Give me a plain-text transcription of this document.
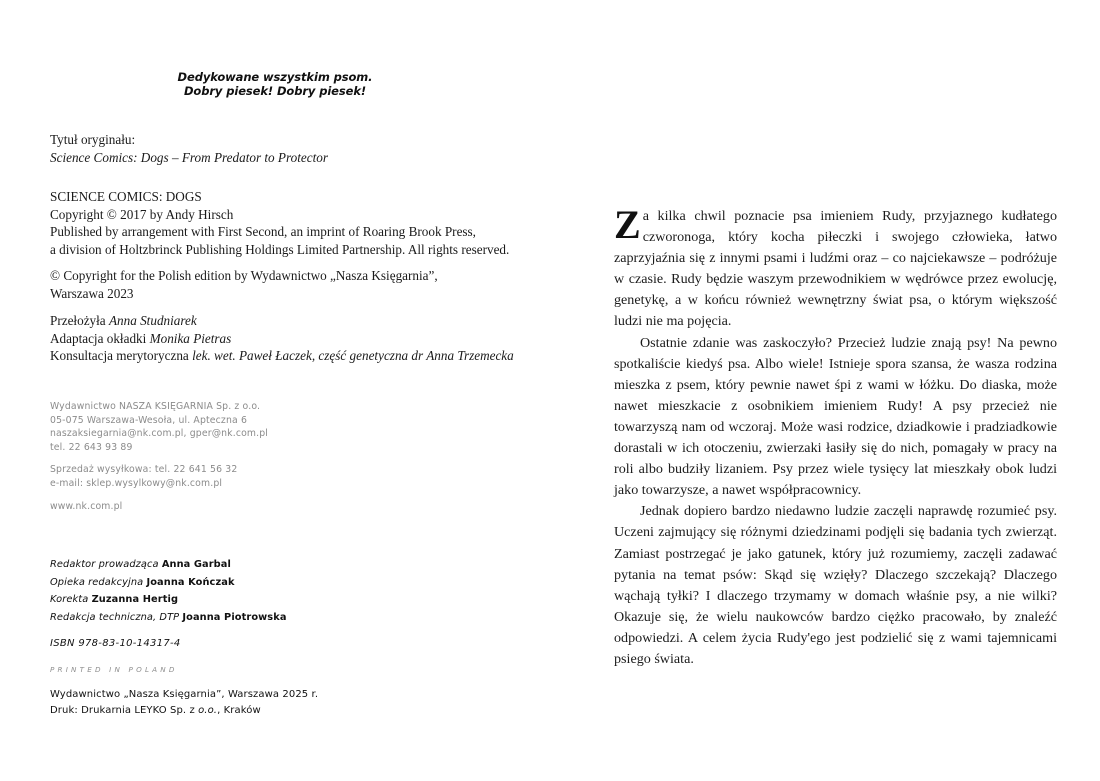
Dedykowane wszystkim psom.
Dobry piesek! Dobry piesek!
Tytuł oryginału:
Science Comics: Dogs – From Predator to Protector
SCIENCE COMICS: DOGS
Copyright © 2017 by Andy Hirsch
Published by arrangement with First Second, an imprint of Roaring Brook Press,
a division of Holtzbrinck Publishing Holdings Limited Partnership. All rights reserved.
© Copyright for the Polish edition by Wydawnictwo „Nasza Księgarnia”,
Warszawa 2023
Przełożyła Anna Studniarek
Adaptacja okładki Monika Pietras
Konsultacja merytoryczna lek. wet. Paweł Łaczek, część genetyczna dr Anna Trzemecka
Wydawnictwo NASZA KSIĘGARNIA Sp. z o.o.
05-075 Warszawa-Wesoła, ul. Apteczna 6
naszaksiegarnia@nk.com.pl, gper@nk.com.pl
tel. 22 643 93 89
Sprzedaż wysyłkowa: tel. 22 641 56 32
e-mail: sklep.wysylkowy@nk.com.pl
www.nk.com.pl
Redaktor prowadząca Anna Garbal
Opieka redakcyjna Joanna Kończak
Korekta Zuzanna Hertig
Redakcja techniczna, DTP Joanna Piotrowska
ISBN 978-83-10-14317-4
PRINTED IN POLAND
Wydawnictwo „Nasza Księgarnia”, Warszawa 2025 r.
Druk: Drukarnia LEYKO Sp. z o.o., Kraków

Za kilka chwil poznacie psa imieniem Rudy, przyjaznego kudłatego czworonoga, który kocha piłeczki i swojego człowieka, łatwo zaprzyjaźnia się z innymi psami i ludźmi oraz – co najciekawsze – podróżuje w czasie. Rudy będzie waszym przewodnikiem w wędrówce przez ewolucję, genetykę, a w końcu również wewnętrzny świat psa, o którym większość ludzi nie ma pojęcia.

Ostatnie zdanie was zaskoczyło? Przecież ludzie znają psy! Na pewno spotkaliście kiedyś psa. Albo wiele! Istnieje spora szansa, że wasza rodzina mieszka z psem, który pewnie nawet śpi z wami w łóżku. Do diaska, może nawet mieszkacie z osobnikiem imieniem Rudy! A psy przecież nie towarzyszą nam od wczoraj. Może wasi rodzice, dziadkowie i pradziadkowie dorastali w ich otoczeniu, zwierzaki łasiły się do nich, pomagały w pracy na roli albo budziły lizaniem. Psy przez wiele tysięcy lat mieszkały obok ludzi jako towarzysze, a nawet współpracownicy.

Jednak dopiero bardzo niedawno ludzie zaczęli naprawdę rozumieć psy. Uczeni zajmujący się różnymi dziedzinami podjęli się badania tych zwierząt. Zamiast postrzegać je jako gatunek, który już rozumiemy, zaczęli zadawać pytania na temat psów: Skąd się wzięły? Dlaczego szczekają? Dlaczego wąchają tyłki? I dlaczego trzymamy w domach właśnie psy, a nie wilki? Okazuje się, że wielu naukowców bardzo ciężko pracowało, by znaleźć odpowiedzi. A celem życia Rudy'ego jest podzielić się z wami tajemnicami psiego świata.
